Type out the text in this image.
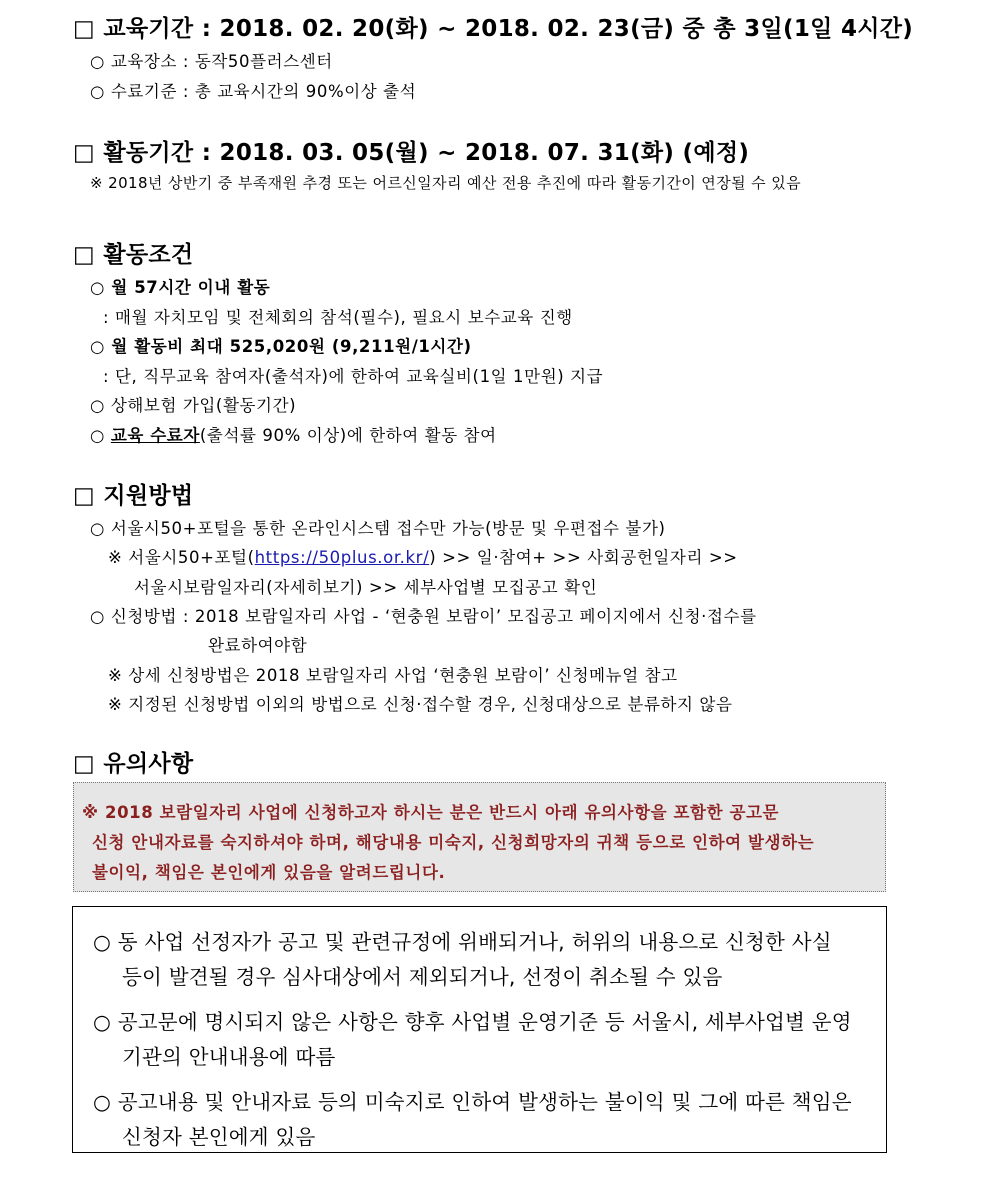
□ 교육기간 : 2018. 02. 20(화) ~ 2018. 02. 23(금) 중 총 3일(1일 4시간)
○ 교육장소 : 동작50플러스센터
○ 수료기준 : 총 교육시간의 90%이상 출석
□ 활동기간 : 2018. 03. 05(월) ~ 2018. 07. 31(화) (예정)
※ 2018년 상반기 중 부족재원 추경 또는 어르신일자리 예산 전용 추진에 따라 활동기간이 연장될 수 있음
□ 활동조건
○ 월 57시간 이내 활동
: 매월 자치모임 및 전체회의 참석(필수), 필요시 보수교육 진행
○ 월 활동비 최대 525,020원 (9,211원/1시간)
: 단, 직무교육 참여자(출석자)에 한하여 교육실비(1일 1만원) 지급
○ 상해보험 가입(활동기간)
○ 교육 수료자(출석률 90% 이상)에 한하여 활동 참여
□ 지원방법
○ 서울시50+포털을 통한 온라인시스템 접수만 가능(방문 및 우편접수 불가)
※ 서울시50+포털(https://50plus.or.kr/) >> 일·참여+ >> 사회공헌일자리 >>
서울시보람일자리(자세히보기) >> 세부사업별 모집공고 확인
○ 신청방법 : 2018 보람일자리 사업 - ‘현충원 보람이’ 모집공고 페이지에서 신청·접수를
완료하여야함
※ 상세 신청방법은 2018 보람일자리 사업 ‘현충원 보람이’ 신청메뉴얼 참고
※ 지정된 신청방법 이외의 방법으로 신청·접수할 경우, 신청대상으로 분류하지 않음
□ 유의사항
※ 2018 보람일자리 사업에 신청하고자 하시는 분은 반드시 아래 유의사항을 포함한 공고문
신청 안내자료를 숙지하셔야 하며, 해당내용 미숙지, 신청희망자의 귀책 등으로 인하여 발생하는
불이익, 책임은 본인에게 있음을 알려드립니다.
○ 동 사업 선정자가 공고 및 관련규정에 위배되거나, 허위의 내용으로 신청한 사실
등이 발견될 경우 심사대상에서 제외되거나, 선정이 취소될 수 있음
○ 공고문에 명시되지 않은 사항은 향후 사업별 운영기준 등 서울시, 세부사업별 운영
기관의 안내내용에 따름
○ 공고내용 및 안내자료 등의 미숙지로 인하여 발생하는 불이익 및 그에 따른 책임은
신청자 본인에게 있음
